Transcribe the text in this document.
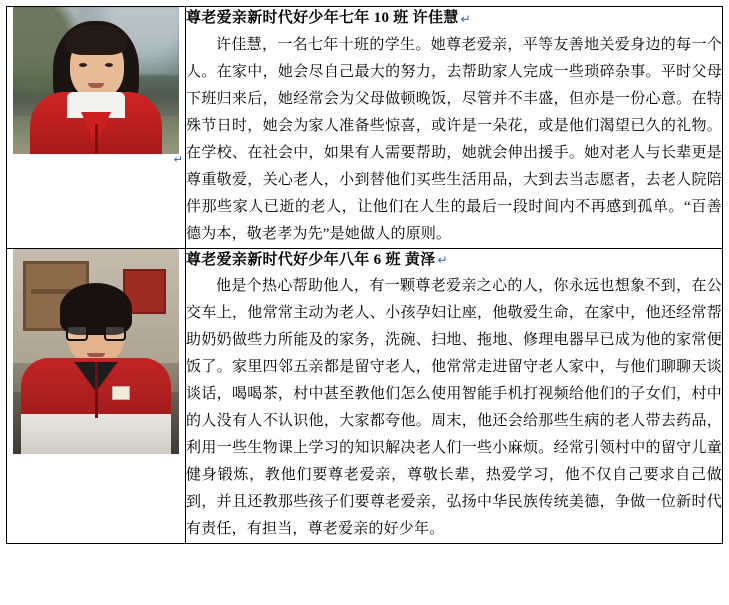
↵	尊老爱亲新时代好少年七年 10 班 许佳慧 ↵

许佳慧，一名七年十班的学生。她尊老爱亲，平等友善地关爱身边的每一个人。在家中，她会尽自己最大的努力，去帮助家人完成一些琐碎杂事。平时父母下班归来后，她经常会为父母做顿晚饭，尽管并不丰盛，但亦是一份心意。在特殊节日时，她会为家人准备些惊喜，或许是一朵花，或是他们渴望已久的礼物。在学校、在社会中，如果有人需要帮助，她就会伸出援手。她对老人与长辈更是尊重敬爱，关心老人，小到替他们买些生活用品，大到去当志愿者，去老人院陪伴那些家人已逝的老人，让他们在人生的最后一段时间内不再感到孤单。“百善德为本，敬老孝为先”是她做人的原则。

	尊老爱亲新时代好少年八年 6 班 黄泽 ↵

他是个热心帮助他人，有一颗尊老爱亲之心的人，你永远也想象不到，在公交车上，他常常主动为老人、小孩孕妇让座，他敬爱生命，在家中，他还经常帮助奶奶做些力所能及的家务，洗碗、扫地、拖地、修理电器早已成为他的家常便饭了。家里四邻五亲都是留守老人，他常常走进留守老人家中，与他们聊聊天谈谈话，喝喝茶，村中甚至教他们怎么使用智能手机打视频给他们的子女们，村中的人没有人不认识他，大家都夸他。周末，他还会给那些生病的老人带去药品，利用一些生物课上学习的知识解决老人们一些小麻烦。经常引领村中的留守儿童健身锻炼，教他们要尊老爱亲，尊敬长辈，热爱学习，他不仅自己要求自己做到，并且还教那些孩子们要尊老爱亲，弘扬中华民族传统美德，争做一位新时代有责任，有担当，尊老爱亲的好少年。
